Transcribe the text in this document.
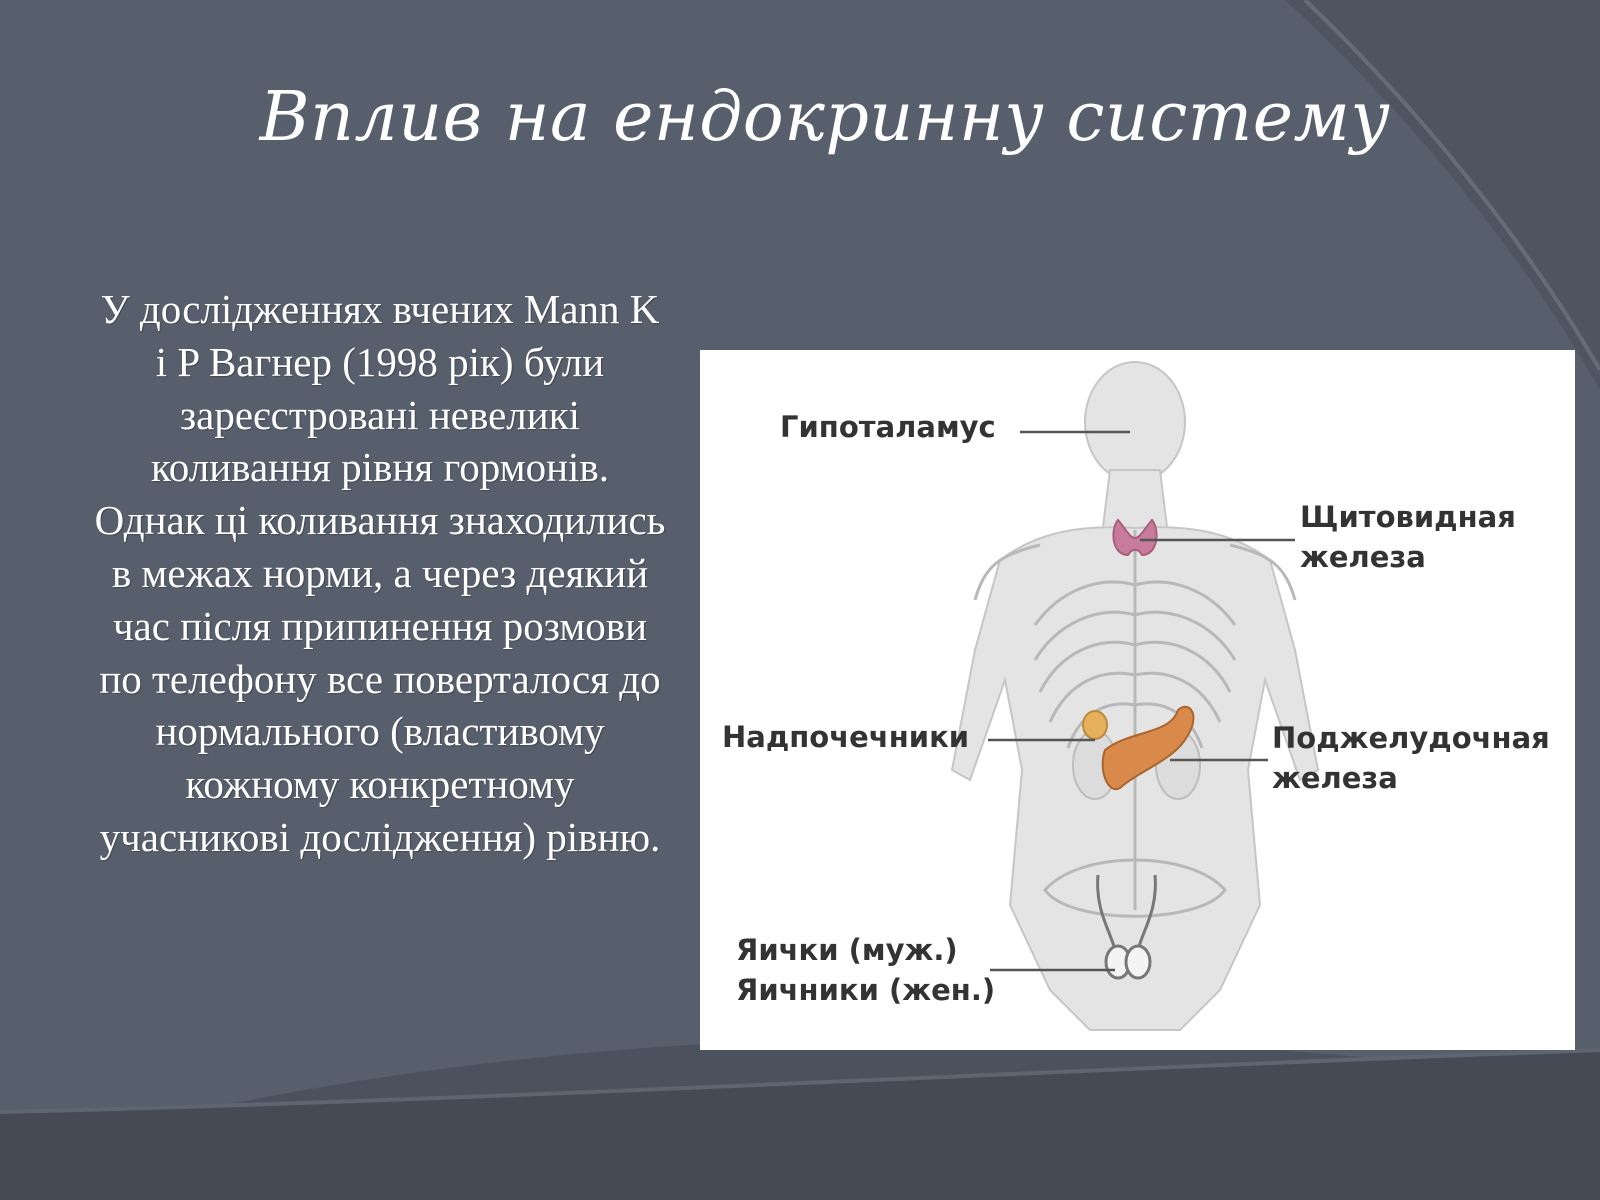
Вплив на ендокринну систему

У дослідженнях вчених Mann K і P Вагнер (1998 рік) були зареєстровані невеликі коливання рівня гормонів. Однак ці коливання знаходились в межах норми, а через деякий час після припинення розмови по телефону все поверталося до нормального (властивому кожному конкретному учасникові дослідження) рівню.

Гипоталамус

Щитовидная

железа

Надпочечники	Поджелудочная

железа

Яички (муж.)

Яичники (жен.)
